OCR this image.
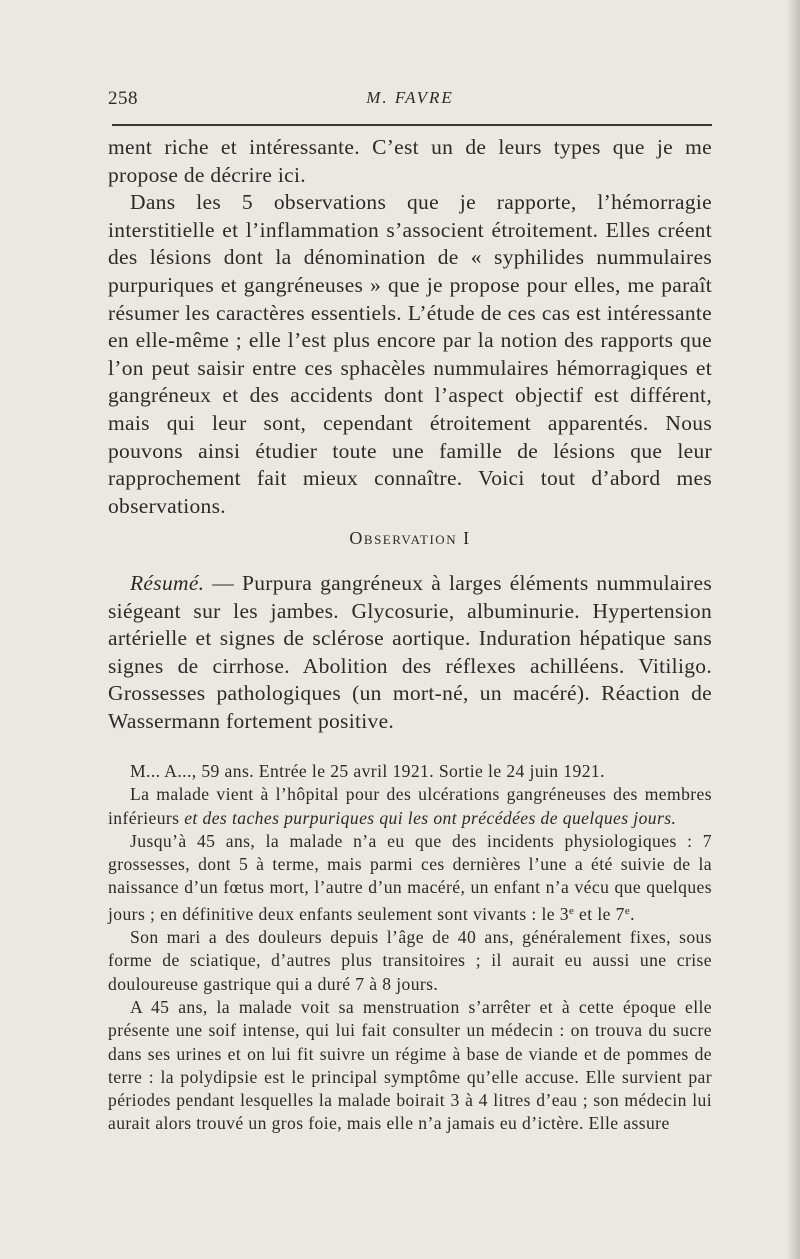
258	M. FAVRE

ment riche et intéressante. C’est un de leurs types que je me propose de décrire ici.

Dans les 5 observations que je rapporte, l’hémorragie interstitielle et l’inflammation s’associent étroitement. Elles créent des lésions dont la dénomination de « syphilides nummulaires purpuriques et gangréneuses » que je propose pour elles, me paraît résumer les caractères essentiels. L’étude de ces cas est intéressante en elle-même ; elle l’est plus encore par la notion des rapports que l’on peut saisir entre ces sphacèles nummulaires hémorragiques et gangréneux et des accidents dont l’aspect objectif est différent, mais qui leur sont, cependant étroitement apparentés. Nous pouvons ainsi étudier toute une famille de lésions que leur rapprochement fait mieux connaître. Voici tout d’abord mes observations.

Observation I

Résumé. — Purpura gangréneux à larges éléments nummulaires siégeant sur les jambes. Glycosurie, albuminurie. Hypertension artérielle et signes de sclérose aortique. Induration hépatique sans signes de cirrhose. Abolition des réflexes achilléens. Vitiligo. Grossesses pathologiques (un mort-né, un macéré). Réaction de Wassermann fortement positive.

M... A..., 59 ans. Entrée le 25 avril 1921. Sortie le 24 juin 1921.

La malade vient à l’hôpital pour des ulcérations gangréneuses des membres inférieurs et des taches purpuriques qui les ont précédées de quelques jours.

Jusqu’à 45 ans, la malade n’a eu que des incidents physiologiques : 7 grossesses, dont 5 à terme, mais parmi ces dernières l’une a été suivie de la naissance d’un fœtus mort, l’autre d’un macéré, un enfant n’a vécu que quelques jours ; en définitive deux enfants seulement sont vivants : le 3e et le 7e.

Son mari a des douleurs depuis l’âge de 40 ans, généralement fixes, sous forme de sciatique, d’autres plus transitoires ; il aurait eu aussi une crise douloureuse gastrique qui a duré 7 à 8 jours.

A 45 ans, la malade voit sa menstruation s’arrêter et à cette époque elle présente une soif intense, qui lui fait consulter un médecin : on trouva du sucre dans ses urines et on lui fit suivre un régime à base de viande et de pommes de terre : la polydipsie est le principal symptôme qu’elle accuse. Elle survient par périodes pendant lesquelles la malade boirait 3 à 4 litres d’eau ; son médecin lui aurait alors trouvé un gros foie, mais elle n’a jamais eu d’ictère. Elle assure
